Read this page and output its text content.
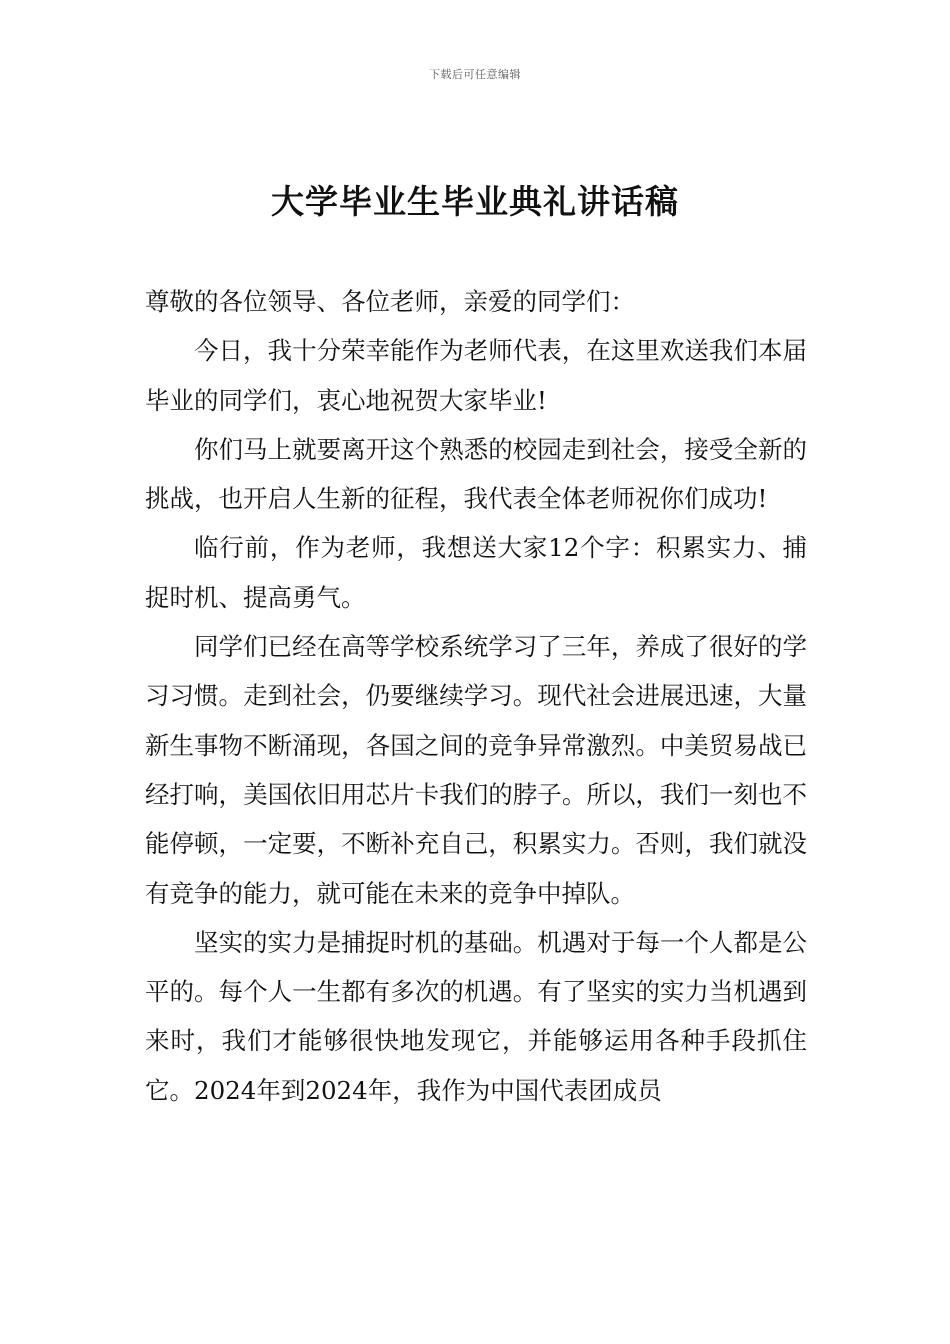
下载后可任意编辑
大学毕业生毕业典礼讲话稿

尊敬的各位领导、各位老师，亲爱的同学们：

今日，我十分荣幸能作为老师代表，在这里欢送我们本届毕业的同学们，衷心地祝贺大家毕业!

你们马上就要离开这个熟悉的校园走到社会，接受全新的挑战，也开启人生新的征程，我代表全体老师祝你们成功!

临行前，作为老师，我想送大家12个字：积累实力、捕捉时机、提高勇气。

同学们已经在高等学校系统学习了三年，养成了很好的学习习惯。走到社会，仍要继续学习。现代社会进展迅速，大量新生事物不断涌现，各国之间的竞争异常激烈。中美贸易战已经打响，美国依旧用芯片卡我们的脖子。所以，我们一刻也不能停顿，一定要，不断补充自己，积累实力。否则，我们就没有竞争的能力，就可能在未来的竞争中掉队。

坚实的实力是捕捉时机的基础。机遇对于每一个人都是公平的。每个人一生都有多次的机遇。有了坚实的实力当机遇到来时，我们才能够很快地发现它，并能够运用各种手段抓住它。2024年到2024年，我作为中国代表团成员
